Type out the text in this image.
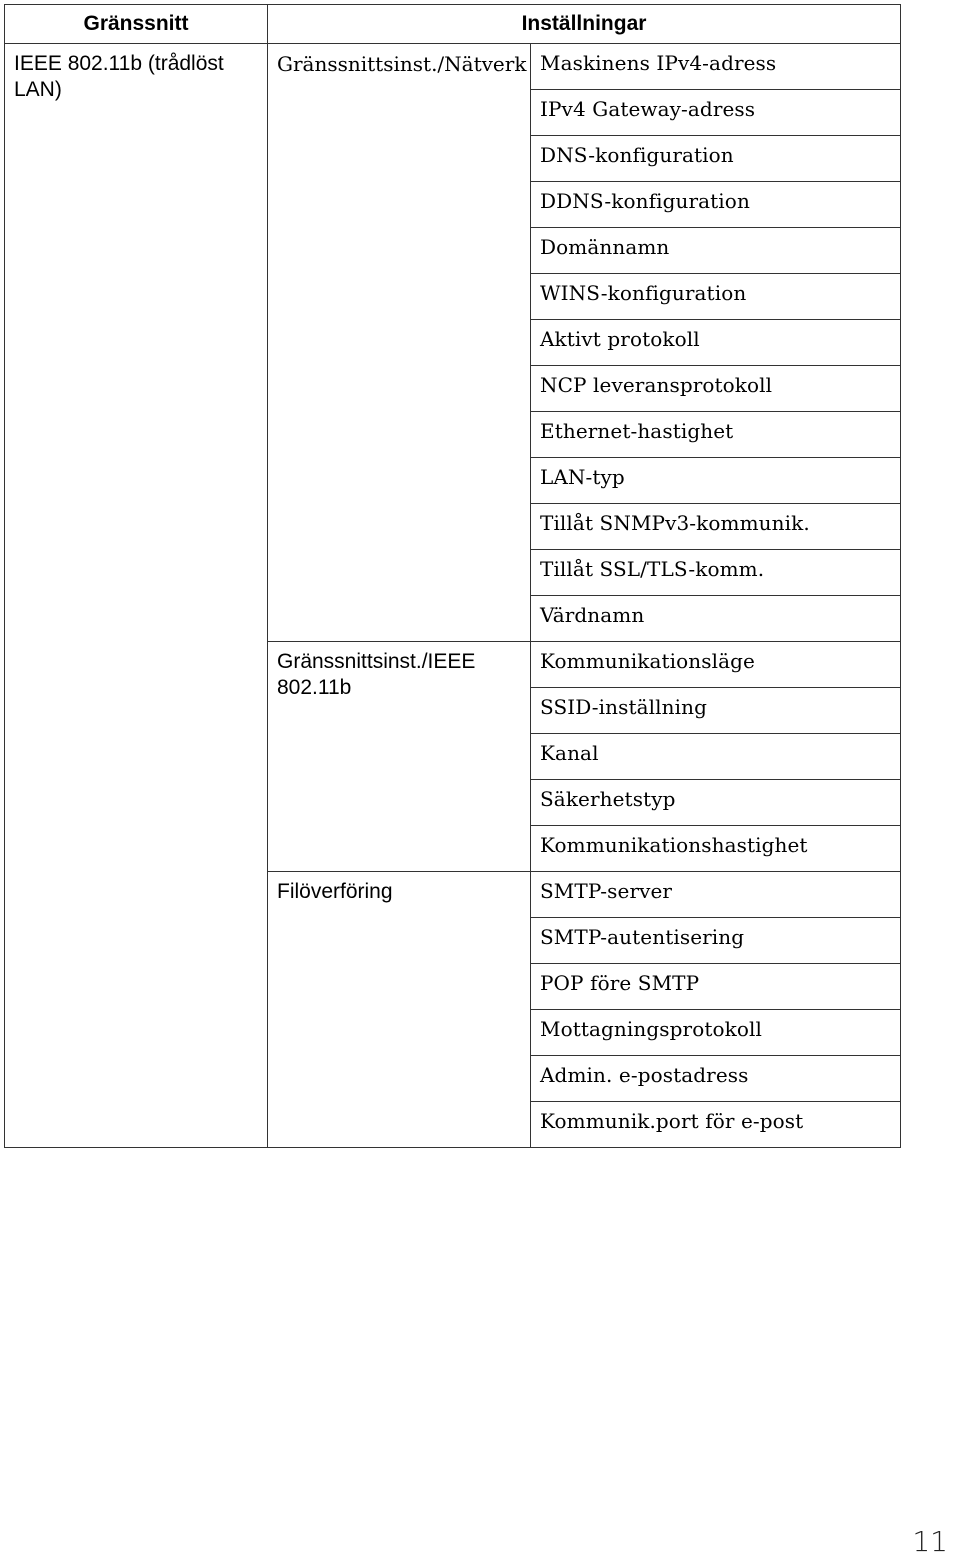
Gränssnitt	Inställningar	
IEEE 802.11b (trådlöst LAN)	Gränssnittsinst./Nätverk	Maskinens IPv4-adress
		IPv4 Gateway-adress
		DNS-konfiguration
		DDNS-konfiguration
		Domännamn
		WINS-konfiguration
		Aktivt protokoll
		NCP leveransprotokoll
		Ethernet-hastighet
		LAN-typ
		Tillåt SNMPv3-kommunik.
		Tillåt SSL/TLS-komm.
		Värdnamn
	Gränssnittsinst./IEEE 802.11b	Kommunikationsläge
		SSID-inställning
		Kanal
		Säkerhetstyp
		Kommunikationshastighet
	Filöverföring	SMTP-server
		SMTP-autentisering
		POP före SMTP
		Mottagningsprotokoll
		Admin. e-postadress
		Kommunik.port för e-post
11
